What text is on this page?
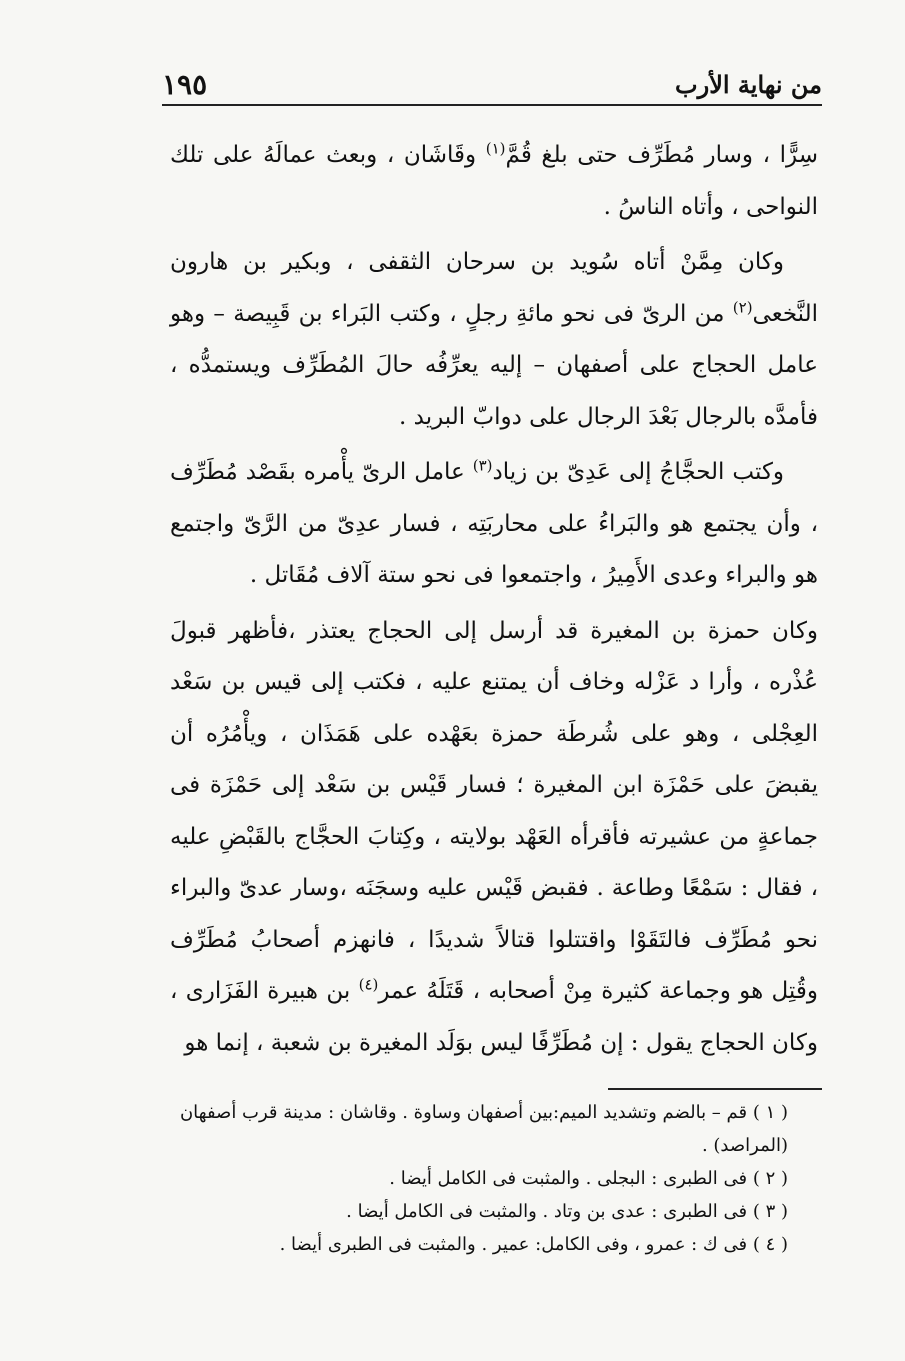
من نهاية الأرب
١٩٥

سِرًّا ، وسار مُطَرِّف حتى بلغ قُمَّ$^{(١)}$ وقَاشَان ، وبعث عمالَهُ على تلك النواحى ، وأتاه الناسُ .

وكان مِمَّنْ أتاه سُويد بن سرحان الثقفى ، وبكير بن هارون النَّخعى$^{(٢)}$ من الرىّ فى نحو مائةِ رجلٍ ، وكتب البَراء بن قَبِيصة – وهو عامل الحجاج على أصفهان – إليه يعرِّفُه حالَ المُطَرِّف ويستمدُّه ، فأمدَّه بالرجال بَعْدَ الرجال على دوابّ البريد .

وكتب الحجَّاجُ إلى عَدِىّ بن زياد$^{(٣)}$ عامل الرىّ يأْمره بقَصْد مُطَرِّف ، وأن يجتمع هو والبَراءُ على محاربَتِه ، فسار عدِىّ من الرَّىّ واجتمع هو والبراء وعدى الأَمِيرُ ، واجتمعوا فى نحو ستة آلاف مُقَاتل .

وكان حمزة بن المغيرة قد أرسل إلى الحجاج يعتذر ،فأظهر قبولَ عُذْره ، وأرا د عَزْله وخاف أن يمتنع عليه ، فكتب إلى قيس بن سَعْد العِجْلى ، وهو على شُرطَة حمزة بعَهْده على هَمَذَان ، ويأْمُرُه أن يقبضَ على حَمْزَة ابن المغيرة ؛ فسار قَيْس بن سَعْد إلى حَمْزَة فى جماعةٍ من عشيرته فأقرأه العَهْد بولايته ، وكِتابَ الحجَّاج بالقَبْضِ عليه ، فقال : سَمْعًا وطاعة . فقبض قَيْس عليه وسجَنَه ،وسار عدىّ والبراء نحو مُطَرِّف فالتَقَوْا واقتتلوا قتالاً شديدًا ، فانهزم أصحابُ مُطَرِّف وقُتِل هو وجماعة كثيرة مِنْ أصحابه ، قَتَلَهُ عمر$^{(٤)}$ بن هبيرة الفَزَارى ، وكان الحجاج يقول : إن مُطَرِّفًا ليس بوَلَد المغيرة بن شعبة ، إنما هو

( ١ ) قم – بالضم وتشديد الميم:بين أصفهان وساوة . وقاشان : مدينة قرب أصفهان (المراصد) .

( ٢ ) فى الطبرى : البجلى . والمثبت فى الكامل أيضا .

( ٣ ) فى الطبرى : عدى بن وتاد . والمثبت فى الكامل أيضا .

( ٤ ) فى ك : عمرو ، وفى الكامل: عمير . والمثبت فى الطبرى أيضا .
